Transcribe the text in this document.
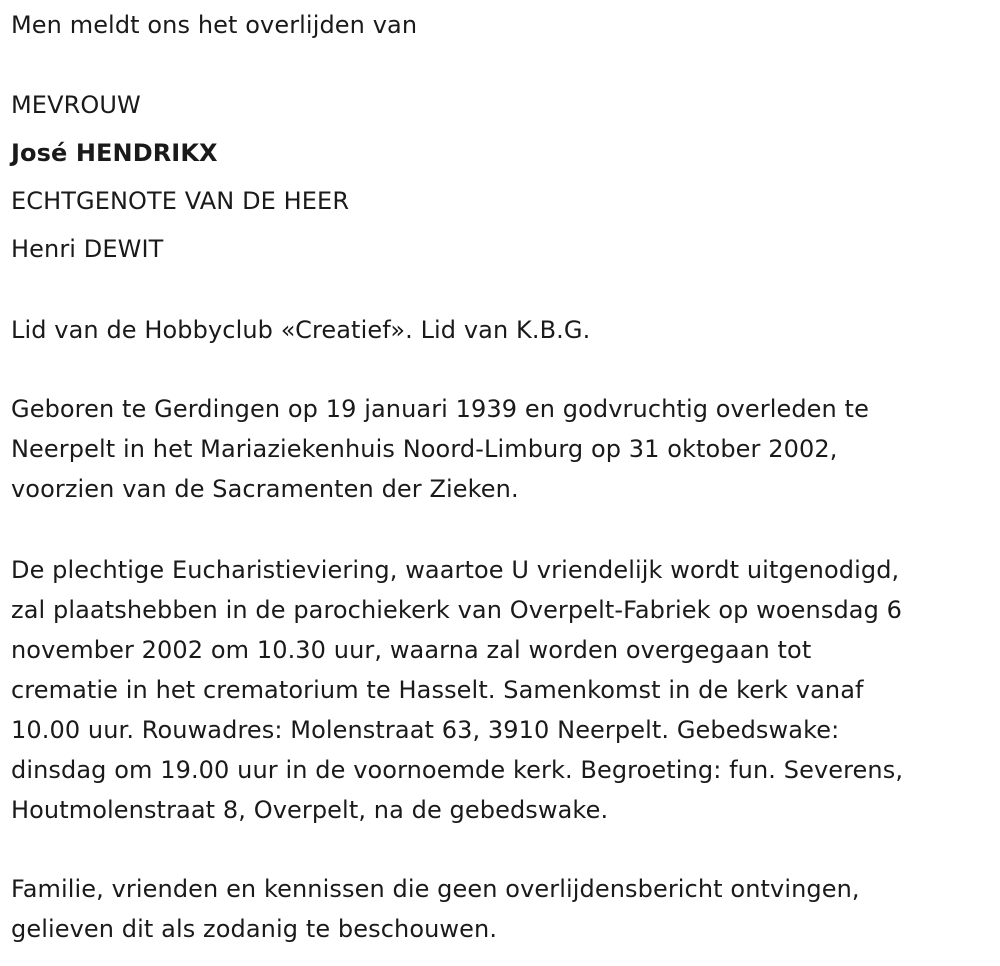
Men meldt ons het overlijden van
MEVROUW
José HENDRIKX
ECHTGENOTE VAN DE HEER
Henri DEWIT
Lid van de Hobbyclub «Creatief». Lid van K.B.G.
Geboren te Gerdingen op 19 januari 1939 en godvruchtig overleden te
Neerpelt in het Mariaziekenhuis Noord-Limburg op 31 oktober 2002,
voorzien van de Sacramenten der Zieken.
De plechtige Eucharistieviering, waartoe U vriendelijk wordt uitgenodigd,
zal plaatshebben in de parochiekerk van Overpelt-Fabriek op woensdag 6
november 2002 om 10.30 uur, waarna zal worden overgegaan tot
crematie in het crematorium te Hasselt. Samenkomst in de kerk vanaf
10.00 uur. Rouwadres: Molenstraat 63, 3910 Neerpelt. Gebedswake:
dinsdag om 19.00 uur in de voornoemde kerk. Begroeting: fun. Severens,
Houtmolenstraat 8, Overpelt, na de gebedswake.
Familie, vrienden en kennissen die geen overlijdensbericht ontvingen,
gelieven dit als zodanig te beschouwen.
